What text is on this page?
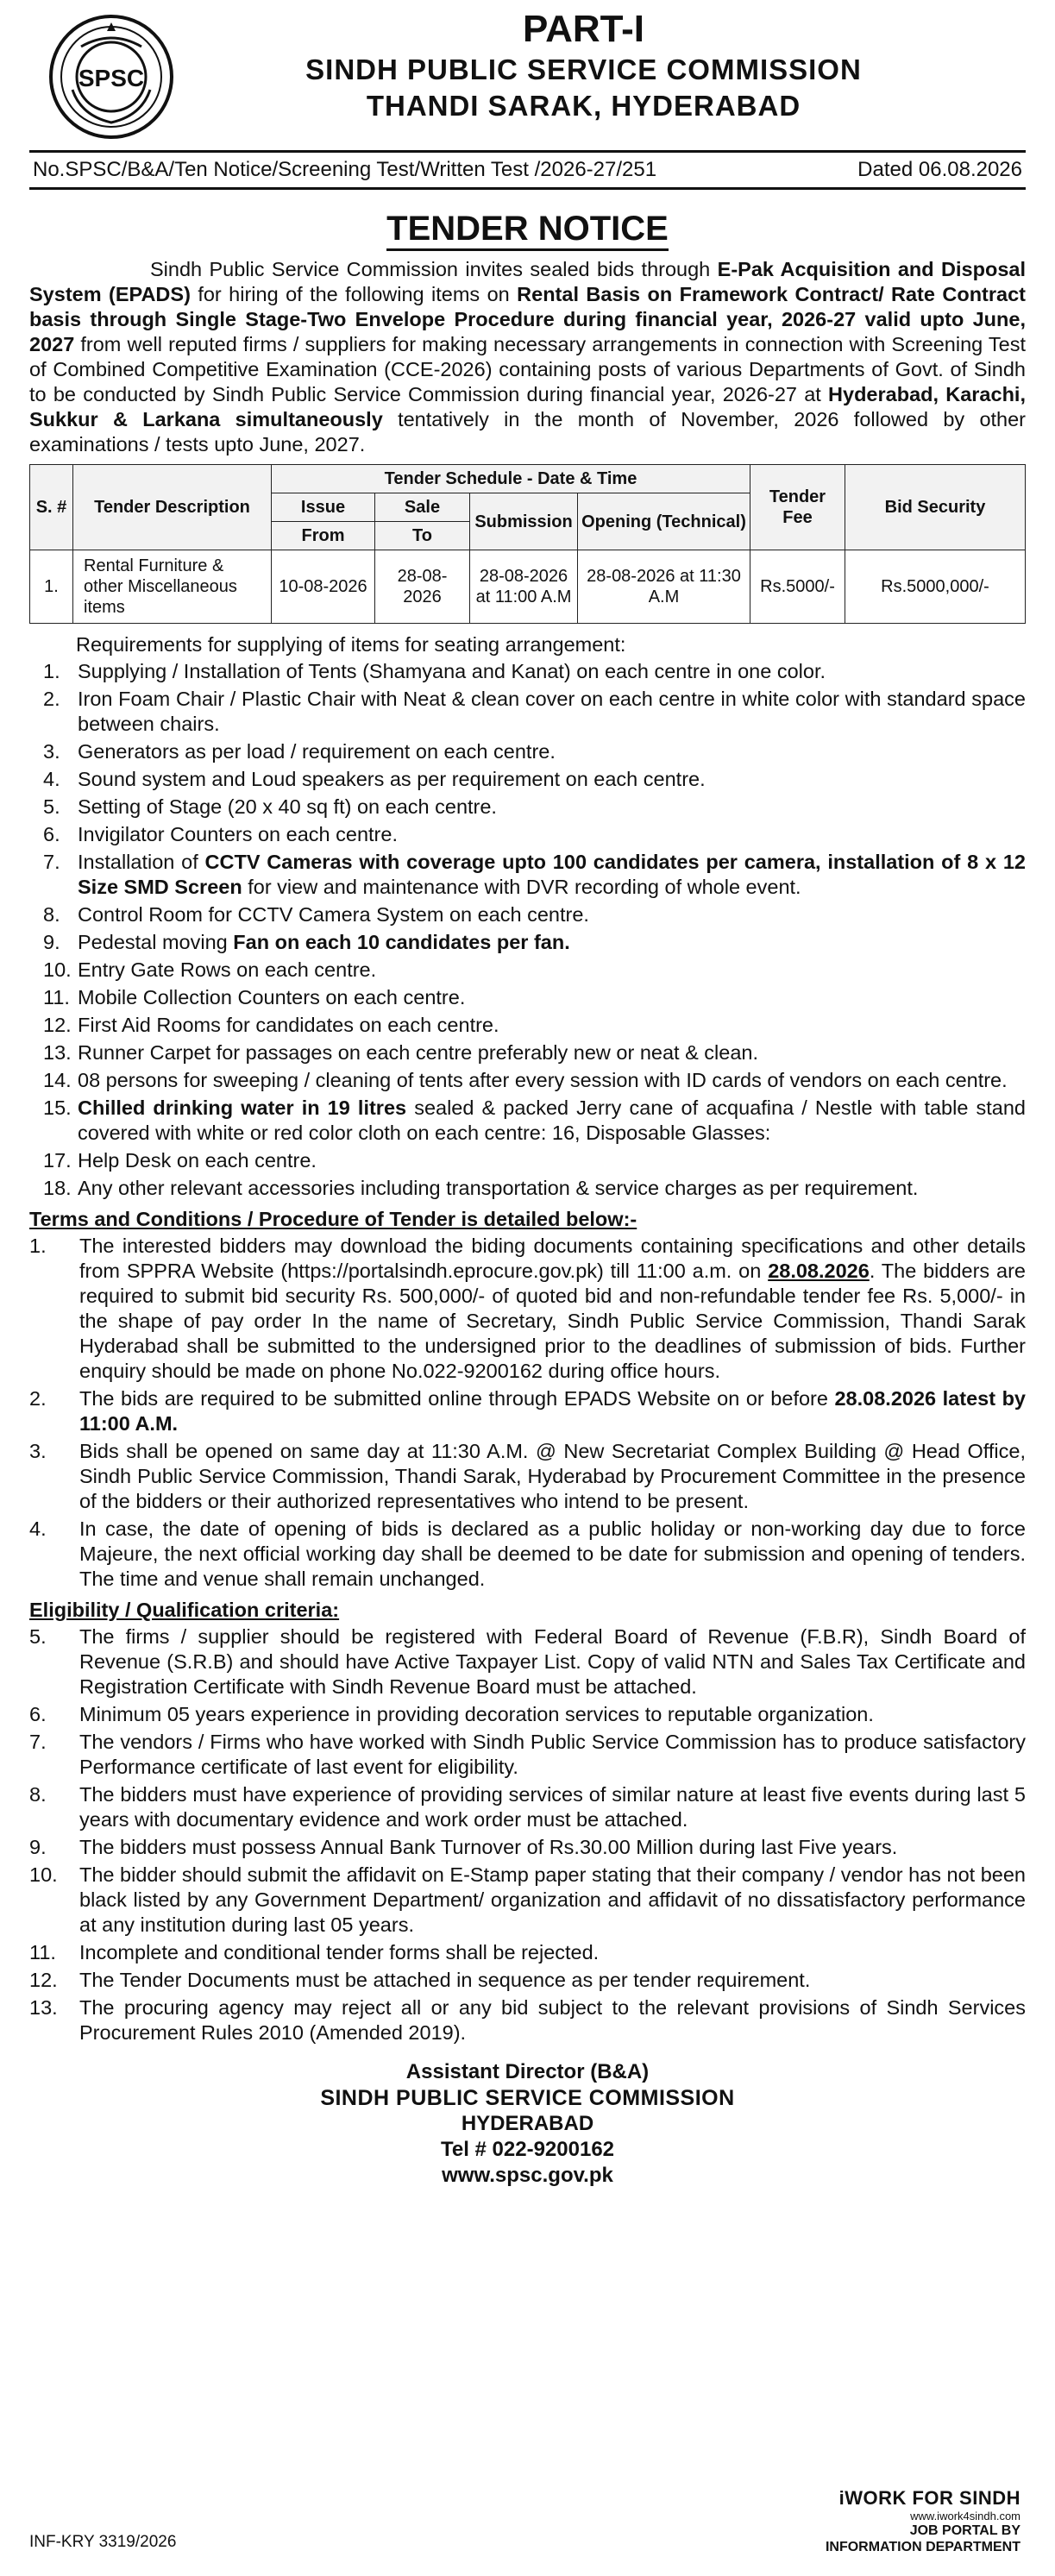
SPSC
PART-I
SINDH PUBLIC SERVICE COMMISSION
THANDI SARAK, HYDERABAD
No.SPSC/B&A/Ten Notice/Screening Test/Written Test /2026-27/251	Dated 06.08.2026
TENDER NOTICE

Sindh Public Service Commission invites sealed bids through E-Pak Acquisition and Disposal System (EPADS) for hiring of the following items on Rental Basis on Framework Contract/ Rate Contract basis through Single Stage-Two Envelope Procedure during financial year, 2026-27 valid upto June, 2027 from well reputed firms / suppliers for making necessary arrangements in connection with Screening Test of Combined Competitive Examination (CCE-2026) containing posts of various Departments of Govt. of Sindh to be conducted by Sindh Public Service Commission during financial year, 2026-27 at Hyderabad, Karachi, Sukkur & Larkana simultaneously tentatively in the month of November, 2026 followed by other examinations / tests upto June, 2027.

S. #	Tender Description	Tender Schedule - Date & Time				Tender Fee	Bid Security
		Issue	Sale	Submission	Opening (Technical)		
		From	To				
1.	Rental Furniture & other Miscellaneous items	10-08-2026	28-08-2026	28-08-2026 at 11:00 A.M	28-08-2026 at 11:30 A.M	Rs.5000/-	Rs.5000,000/-
Requirements for supplying of items for seating arrangement:
1. Supplying / Installation of Tents (Shamyana and Kanat) on each centre in one color.
2. Iron Foam Chair / Plastic Chair with Neat & clean cover on each centre in white color with standard space between chairs.
3. Generators as per load / requirement on each centre.
4. Sound system and Loud speakers as per requirement on each centre.
5. Setting of Stage (20 x 40 sq ft) on each centre.
6. Invigilator Counters on each centre.
7. Installation of CCTV Cameras with coverage upto 100 candidates per camera, installation of 8 x 12 Size SMD Screen for view and maintenance with DVR recording of whole event.
8. Control Room for CCTV Camera System on each centre.
9. Pedestal moving Fan on each 10 candidates per fan.
10. Entry Gate Rows on each centre.
11. Mobile Collection Counters on each centre.
12. First Aid Rooms for candidates on each centre.
13. Runner Carpet for passages on each centre preferably new or neat & clean.
14. 08 persons for sweeping / cleaning of tents after every session with ID cards of vendors on each centre.
15. Chilled drinking water in 19 litres sealed & packed Jerry cane of acquafina / Nestle with table stand covered with white or red color cloth on each centre: 16, Disposable Glasses:
17. Help Desk on each centre.
18. Any other relevant accessories including transportation & service charges as per requirement.
Terms and Conditions / Procedure of Tender is detailed below:-
1.	The interested bidders may download the biding documents containing specifications and other details from SPPRA Website (https://portalsindh.eprocure.gov.pk) till 11:00 a.m. on 28.08.2026. The bidders are required to submit bid security Rs. 500,000/- of quoted bid and non-refundable tender fee Rs. 5,000/- in the shape of pay order In the name of Secretary, Sindh Public Service Commission, Thandi Sarak Hyderabad shall be submitted to the undersigned prior to the deadlines of submission of bids. Further enquiry should be made on phone No.022-9200162 during office hours.
2.	The bids are required to be submitted online through EPADS Website on or before 28.08.2026 latest by 11:00 A.M.
3.	Bids shall be opened on same day at 11:30 A.M. @ New Secretariat Complex Building @ Head Office, Sindh Public Service Commission, Thandi Sarak, Hyderabad by Procurement Committee in the presence of the bidders or their authorized representatives who intend to be present.
4.	In case, the date of opening of bids is declared as a public holiday or non-working day due to force Majeure, the next official working day shall be deemed to be date for submission and opening of tenders. The time and venue shall remain unchanged.
Eligibility / Qualification criteria:
5.	The firms / supplier should be registered with Federal Board of Revenue (F.B.R), Sindh Board of Revenue (S.R.B) and should have Active Taxpayer List. Copy of valid NTN and Sales Tax Certificate and Registration Certificate with Sindh Revenue Board must be attached.
6.	Minimum 05 years experience in providing decoration services to reputable organization.
7.	The vendors / Firms who have worked with Sindh Public Service Commission has to produce satisfactory Performance certificate of last event for eligibility.
8.	The bidders must have experience of providing services of similar nature at least five events during last 5 years with documentary evidence and work order must be attached.
9.	The bidders must possess Annual Bank Turnover of Rs.30.00 Million during last Five years.
10.	The bidder should submit the affidavit on E-Stamp paper stating that their company / vendor has not been black listed by any Government Department/ organization and affidavit of no dissatisfactory performance at any institution during last 05 years.
11.	Incomplete and conditional tender forms shall be rejected.
12.	The Tender Documents must be attached in sequence as per tender requirement.
13.	The procuring agency may reject all or any bid subject to the relevant provisions of Sindh Services Procurement Rules 2010 (Amended 2019).
Assistant Director (B&A)
SINDH PUBLIC SERVICE COMMISSION
HYDERABAD
Tel # 022-9200162
www.spsc.gov.pk
INF-KRY 3319/2026
iWORK FOR SINDH
www.iwork4sindh.com
JOB PORTAL BY
INFORMATION DEPARTMENT
